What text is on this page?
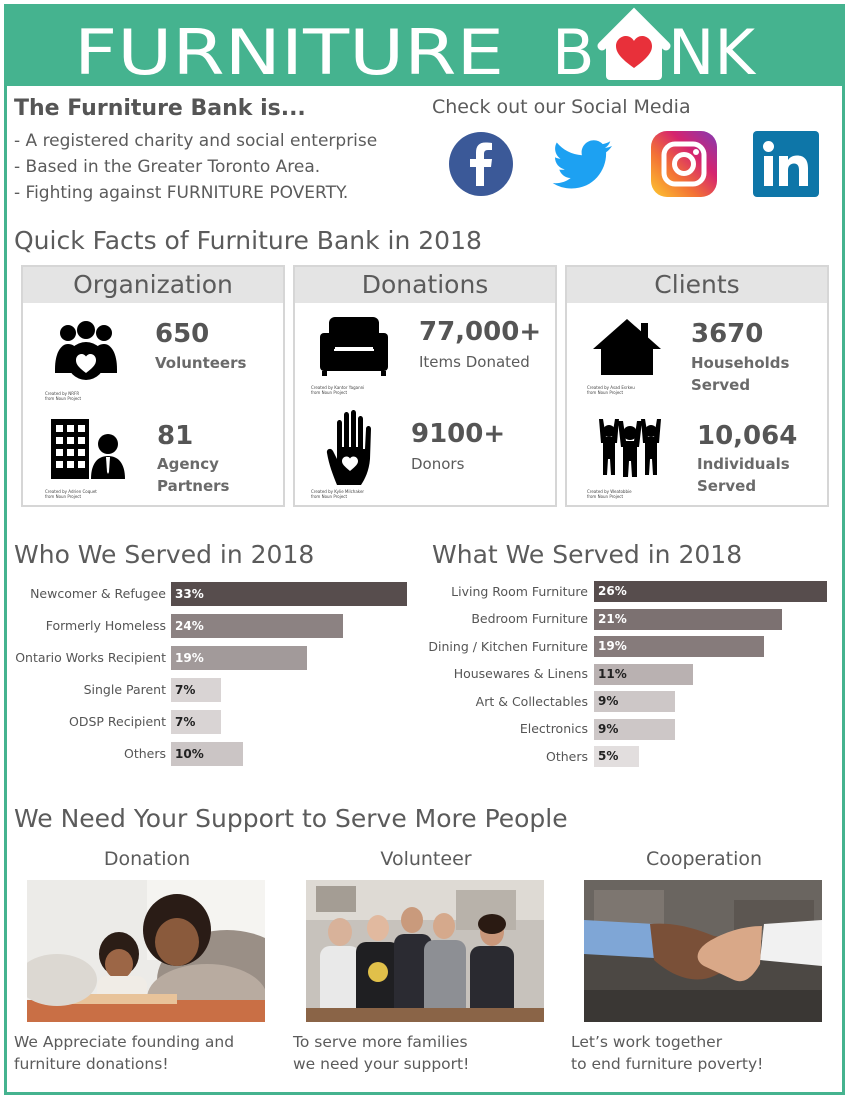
FURNITURE B NK
The Furniture Bank is...
- A registered charity and social enterprise
- Based in the Greater Toronto Area.
- Fighting against FURNITURE POVERTY.
Check out our Social Media
Quick Facts of Furniture Bank in 2018
Organization
Created by NRFR
from Noun Project
650
Volunteers
Created by Adrien Coquet
from Noun Project
81
Agency
Partners
Donations
Created by Kantor Yaganni
from Noun Project
77,000+
Items Donated
Created by Kylie Milchaker
from Noun Project
9100+
Donors
Clients
Created by Asad Esrkeu
from Noun Project
3670
Households
Served
Created by Weatobbie
from Noun Project
10,064
Individuals
Served
Who We Served in 2018	What We Served in 2018
Newcomer & Refugee 33%
Formerly Homeless 24%
Ontario Works Recipient 19%
Single Parent 7%
ODSP Recipient 7%
Others 10%
Living Room Furniture 26%
Bedroom Furniture 21%
Dining / Kitchen Furniture 19%
Housewares & Linens 11%
Art & Collectables 9%
Electronics 9%
Others 5%
We Need Your Support to Serve More People
Donation	Volunteer	Cooperation
We Appreciate founding and
furniture donations!
To serve more families
we need your support!
Let’s work together
to end furniture poverty!
